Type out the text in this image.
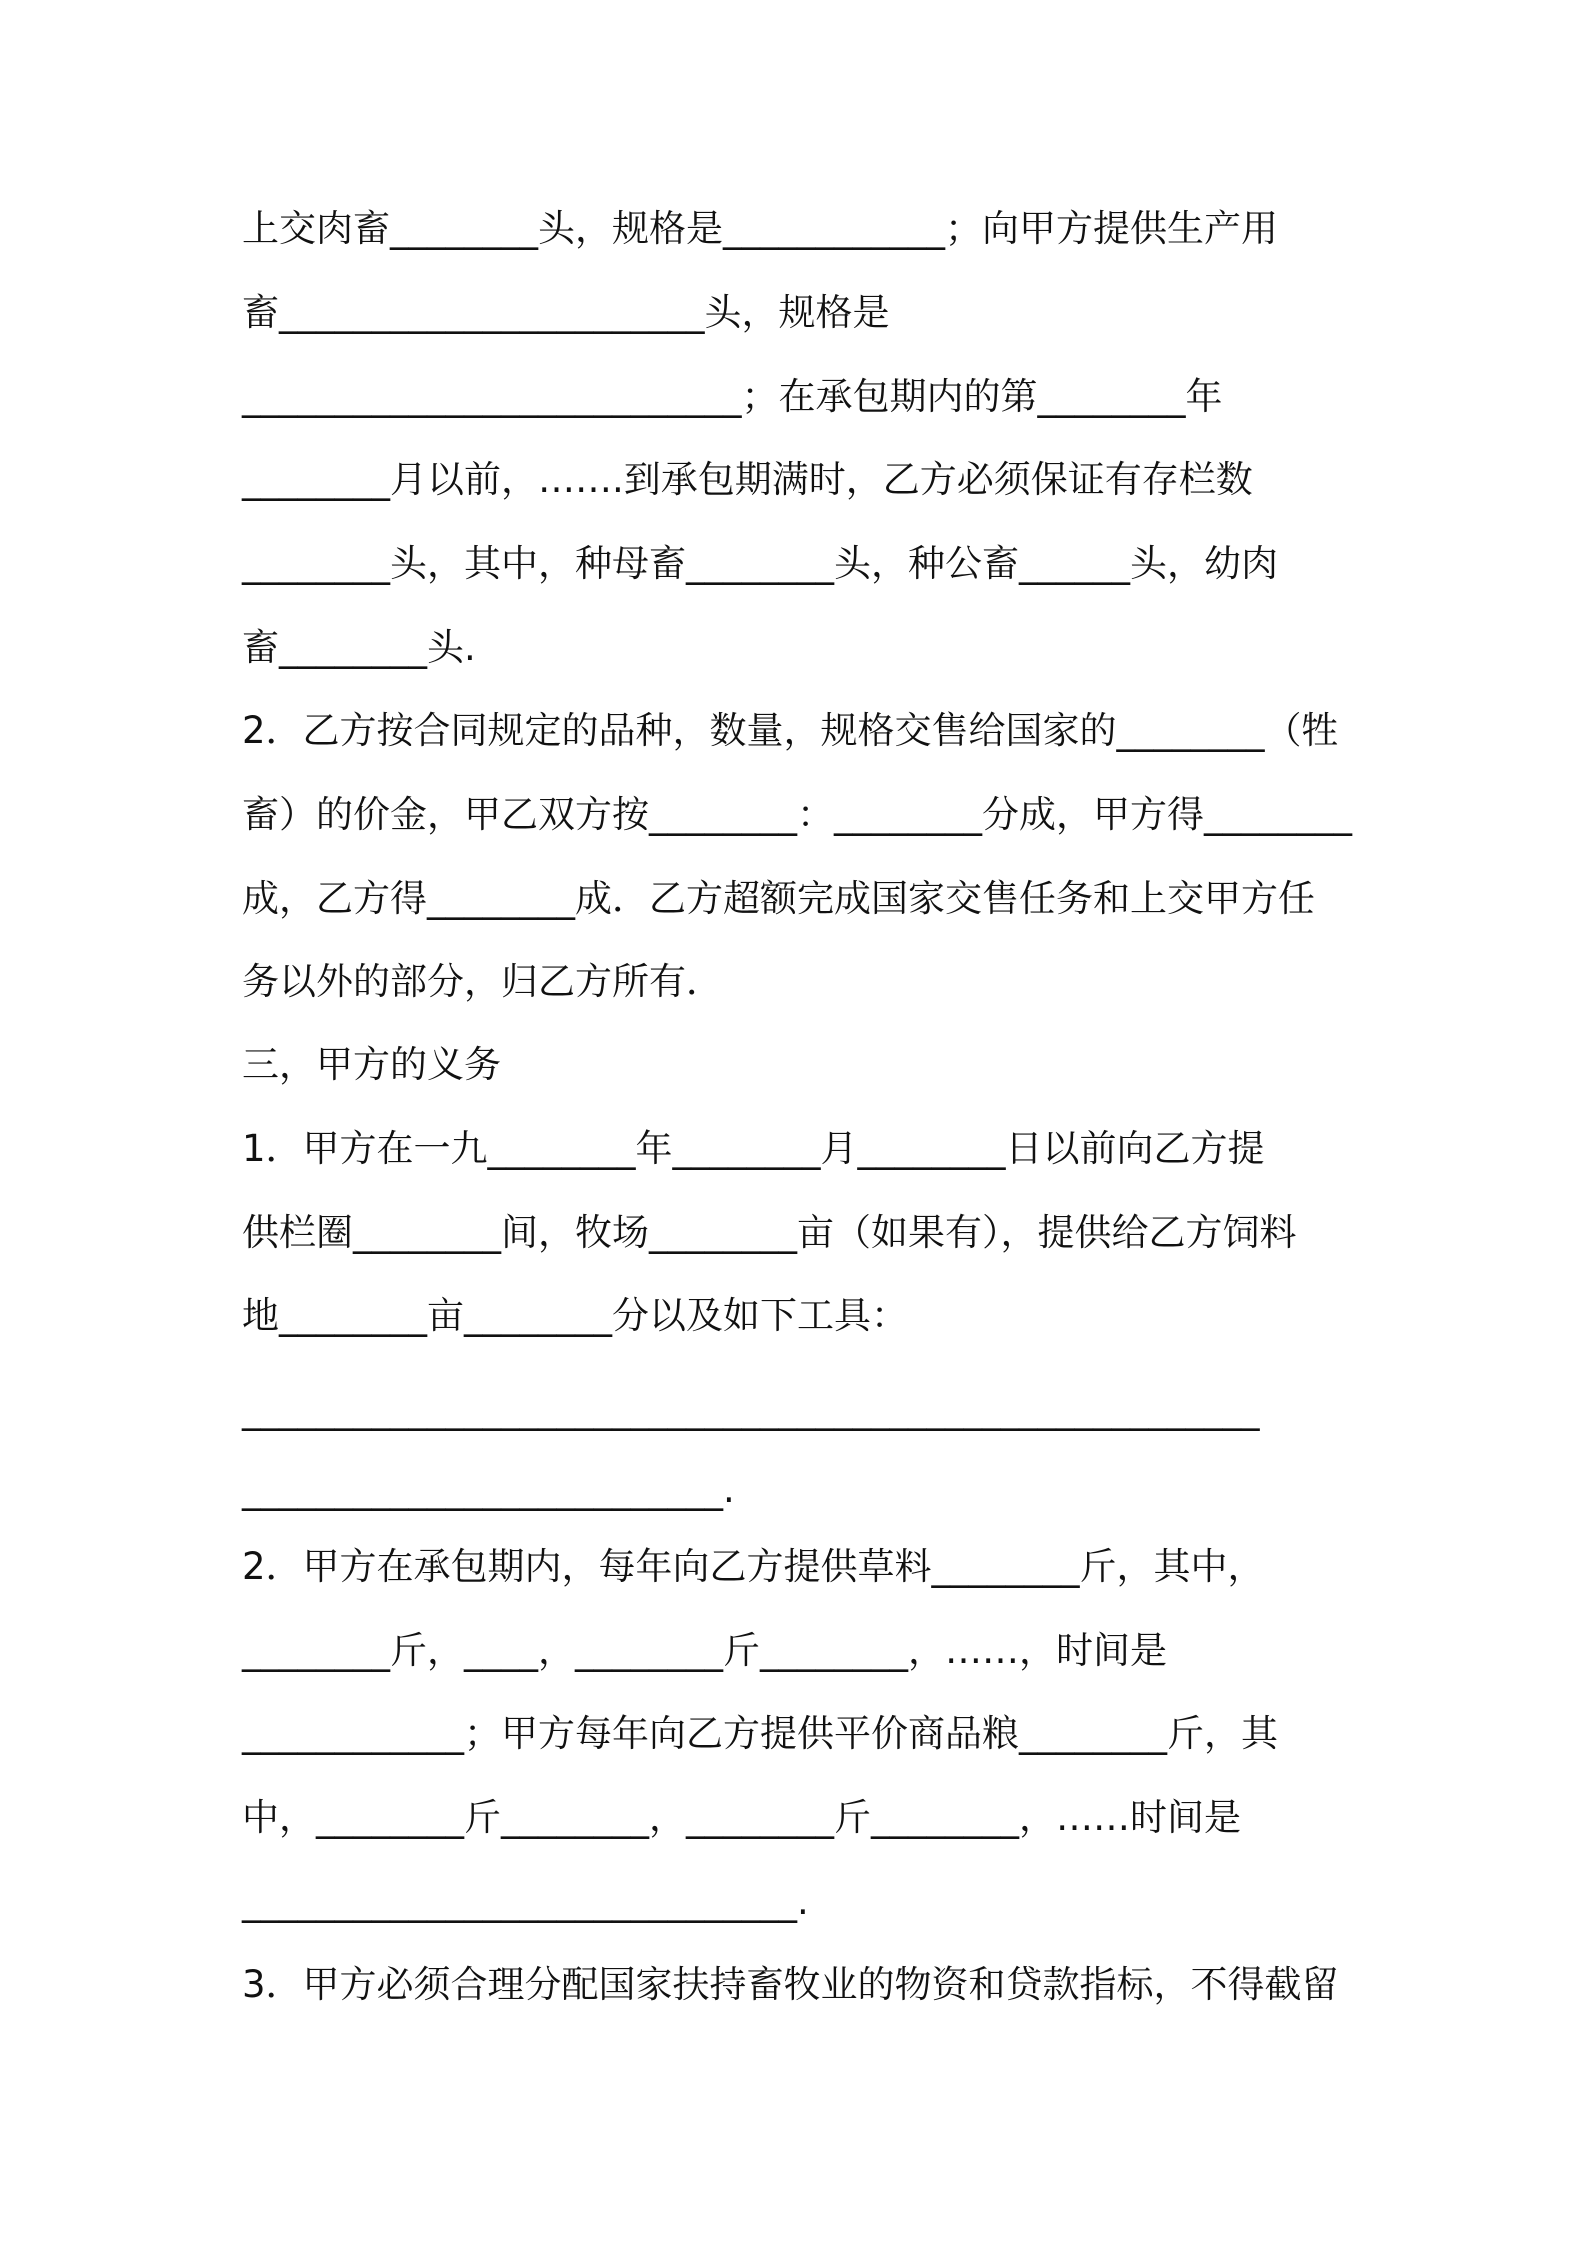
上交肉畜________头，规格是____________；向甲方提供生产用

畜_______________________头，规格是

___________________________；在承包期内的第________年

________月以前，…….到承包期满时，乙方必须保证有存栏数

________头，其中，种母畜________头，种公畜______头，幼肉

畜________头.

2．乙方按合同规定的品种，数量，规格交售给国家的________（牲

畜）的价金，甲乙双方按________：________分成，甲方得________

成，乙方得________成．乙方超额完成国家交售任务和上交甲方任

务以外的部分，归乙方所有．

三，甲方的义务

1．甲方在一九________年________月________日以前向乙方提

供栏圈________间，牧场________亩（如果有），提供给乙方饲料

地________亩________分以及如下工具：

_______________________________________________________

__________________________.

2．甲方在承包期内，每年向乙方提供草料________斤，其中，

________斤，____，________斤________，……，时间是

____________；甲方每年向乙方提供平价商品粮________斤，其

中，________斤________，________斤________，……时间是

______________________________.

3．甲方必须合理分配国家扶持畜牧业的物资和贷款指标，不得截留
